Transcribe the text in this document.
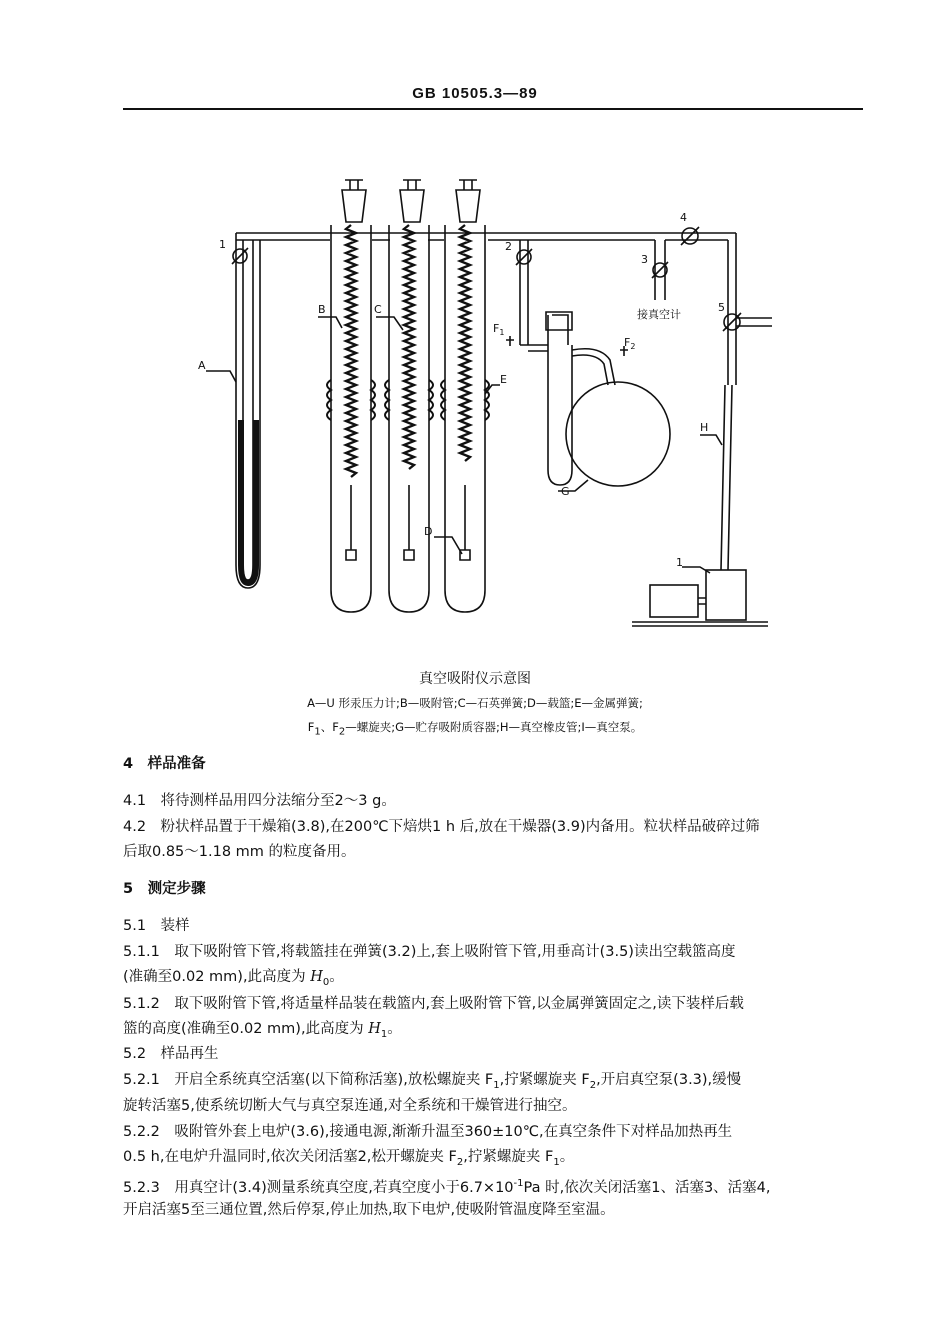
GB 10505.3—89
1	2
3
4
5
接真空计
A
B	C
E
D
G
H
1
$F_1$
$F_2$
真空吸附仪示意图
A—U 形汞压力计;B—吸附管;C—石英弹簧;D—载篮;E—金属弹簧;
F1、F2—螺旋夹;G—贮存吸附质容器;H—真空橡皮管;I—真空泵。
4　样品准备
4.1　将待测样品用四分法缩分至2～3 g。
4.2　粉状样品置于干燥箱(3.8),在200℃下焙烘1 h 后,放在干燥器(3.9)内备用。粒状样品破碎过筛
后取0.85～1.18 mm 的粒度备用。
5　测定步骤
5.1　装样
5.1.1　取下吸附管下管,将载篮挂在弹簧(3.2)上,套上吸附管下管,用垂高计(3.5)读出空载篮高度
(准确至0.02 mm),此高度为 $H_0$。
5.1.2　取下吸附管下管,将适量样品装在载篮内,套上吸附管下管,以金属弹簧固定之,读下装样后载
篮的高度(准确至0.02 mm),此高度为 $H_1$。
5.2　样品再生
5.2.1　开启全系统真空活塞(以下简称活塞),放松螺旋夹 $F_1$,拧紧螺旋夹 $F_2$,开启真空泵(3.3),缓慢
旋转活塞5,使系统切断大气与真空泵连通,对全系统和干燥管进行抽空。
5.2.2　吸附管外套上电炉(3.6),接通电源,渐渐升温至360±10℃,在真空条件下对样品加热再生
0.5 h,在电炉升温同时,依次关闭活塞2,松开螺旋夹 $F_2$,拧紧螺旋夹 $F_1$。
5.2.3　用真空计(3.4)测量系统真空度,若真空度小于$6.7\times 10^{-1}Pa$ 时,依次关闭活塞1、活塞3、活塞4,
开启活塞5至三通位置,然后停泵,停止加热,取下电炉,使吸附管温度降至室温。
